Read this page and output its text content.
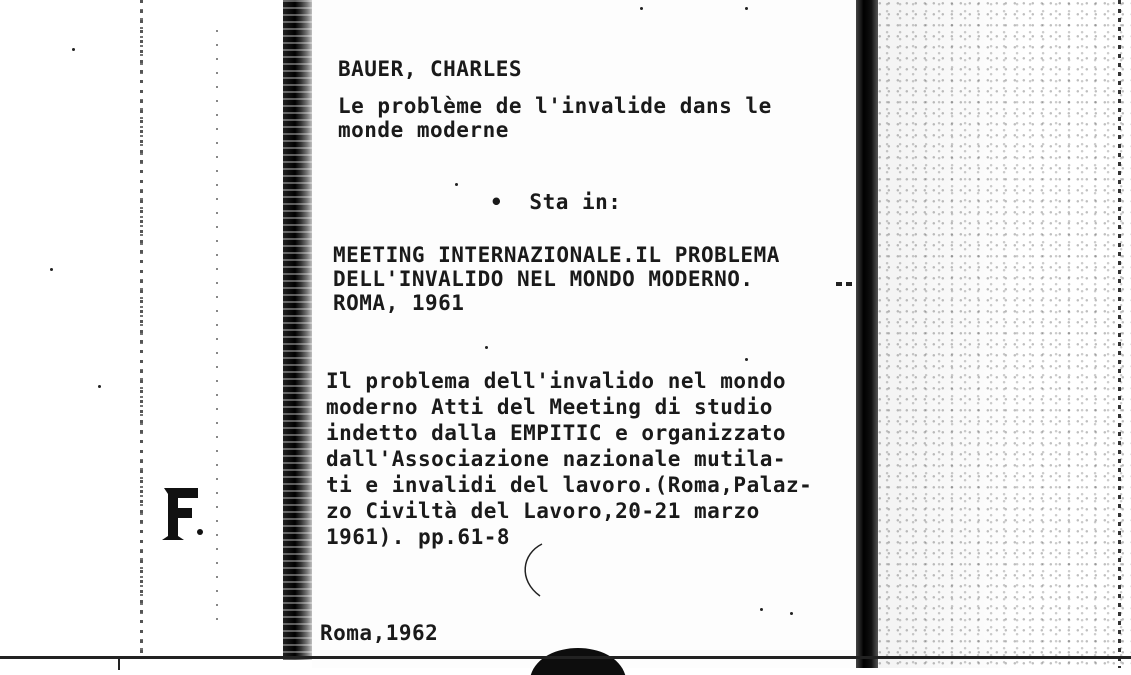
BAUER, CHARLES
Le problème de l'invalide dans le
monde moderne
•  Sta in:
MEETING INTERNAZIONALE.IL PROBLEMA
DELL'INVALIDO NEL MONDO MODERNO.
ROMA, 1961
Il problema dell'invalido nel mondo
moderno Atti del Meeting di studio
indetto dalla EMPITIC e organizzato
dall'Associazione nazionale mutila-
ti e invalidi del lavoro.(Roma,Palaz-
zo Civiltà del Lavoro,20-21 marzo
1961). pp.61-8
Roma,1962
